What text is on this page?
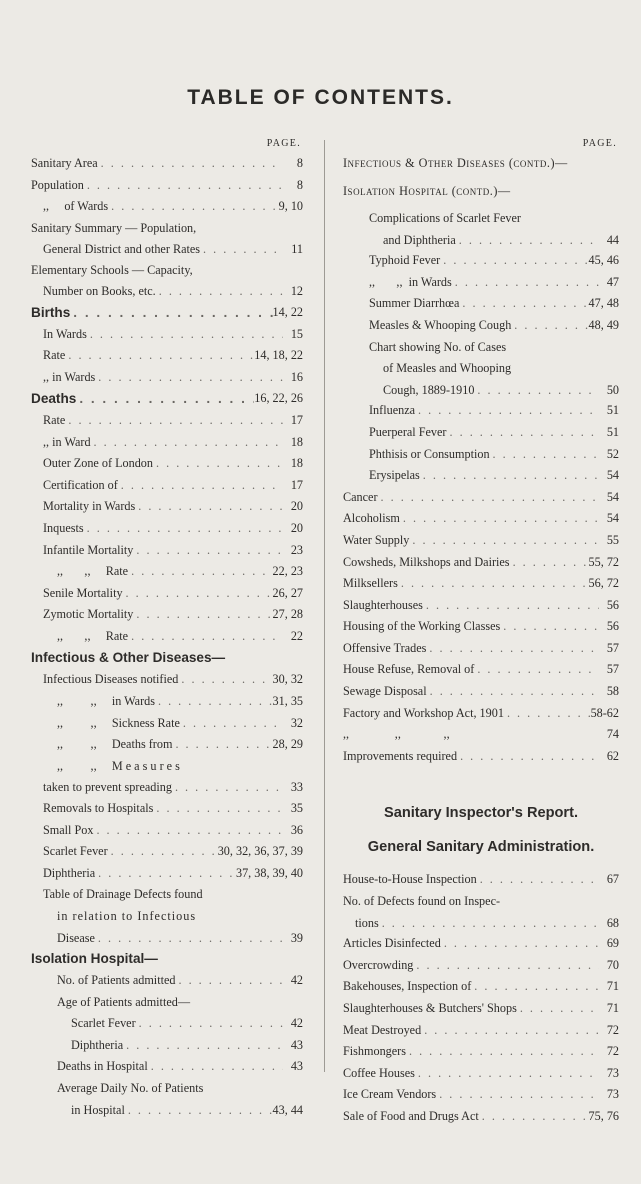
TABLE OF CONTENTS.
PAGE.
Sanitary Area . . .	8
Population . . .	8
,,     of Wards . . .	9, 10
Sanitary Summary — Population,
General District and other Rates . . .	11
Elementary Schools — Capacity,
Number on Books, etc. . . .	12
Births . . .	14, 22
In Wards . . .	15
Rate . . .	14, 18, 22
,, in Wards . . .	16
Deaths . . .	16, 22, 26
Rate . . .	17
,, in Ward . . .	18
Outer Zone of London . . .	18
Certification of . . .	17
Mortality in Wards . . .	20
Inquests . . .	20
Infantile Mortality . . .	23
,,       ,,     Rate . . .	22, 23
Senile Mortality . . .	26, 27
Zymotic Mortality . . .	27, 28
,,       ,,     Rate . . .	22
Infectious & Other Diseases—
Infectious Diseases notified . . .	30, 32
,,         ,,     in Wards . . .	31, 35
,,         ,,     Sickness Rate . . .	32
,,         ,,     Deaths from . . .	28, 29
,,         ,,     M e a s u r e s
taken to prevent spreading . . .	33
Removals to Hospitals . . .	35
Small Pox . . .	36
Scarlet Fever . . .	30, 32, 36, 37, 39
Diphtheria . . .	37, 38, 39, 40
Table of Drainage Defects found
in relation to Infectious
Disease . . .	39
Isolation Hospital—
No. of Patients admitted . . .	42
Age of Patients admitted—
Scarlet Fever . . .	42
Diphtheria . . .	43
Deaths in Hospital . . .	43
Average Daily No. of Patients
in Hospital . . .	43, 44
PAGE.
Infectious & Other Diseases (contd.)—
Isolation Hospital (contd.)—
Complications of Scarlet Fever
and Diphtheria . . .	44
Typhoid Fever . . .	45, 46
,,       ,,  in Wards . . .	47
Summer Diarrhœa . . .	47, 48
Measles & Whooping Cough . . .	48, 49
Chart showing No. of Cases
of Measles and Whooping
Cough, 1889-1910 . . .	50
Influenza . . .	51
Puerperal Fever . . .	51
Phthisis or Consumption . . .	52
Erysipelas . . .	54
Cancer . . .	54
Alcoholism . . .	54
Water Supply . . .	55
Cowsheds, Milkshops and Dairies . . .	55, 72
Milksellers . . .	56, 72
Slaughterhouses . . .	56
Housing of the Working Classes . . .	56
Offensive Trades . . .	57
House Refuse, Removal of . . .	57
Sewage Disposal . . .	58
Factory and Workshop Act, 1901 . . .	58-62
,,               ,,              ,,	74
Improvements required . . .	62
Sanitary Inspector's Report.
General Sanitary Administration.
House-to-House Inspection . . .	67
No. of Defects found on Inspec-
tions . . .	68
Articles Disinfected . . .	69
Overcrowding . . .	70
Bakehouses, Inspection of . . .	71
Slaughterhouses & Butchers' Shops . . .	71
Meat Destroyed . . .	72
Fishmongers . . .	72
Coffee Houses . . .	73
Ice Cream Vendors . . .	73
Sale of Food and Drugs Act . . .	75, 76
